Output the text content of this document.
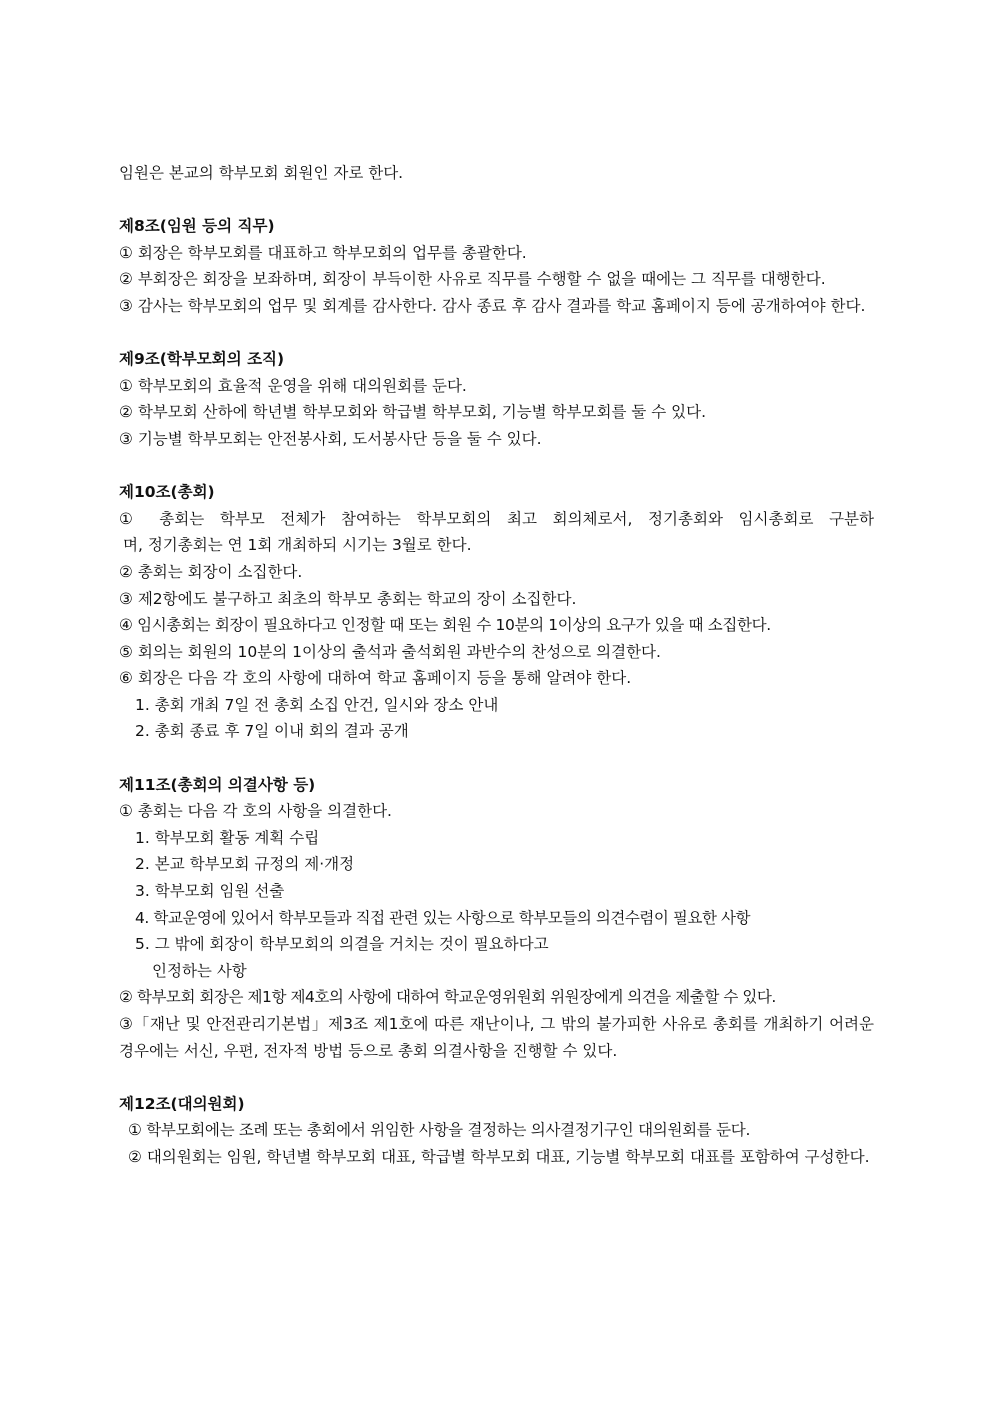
임원은 본교의 학부모회 회원인 자로 한다.
제8조(임원 등의 직무)
① 회장은 학부모회를 대표하고 학부모회의 업무를 총괄한다.
② 부회장은 회장을 보좌하며, 회장이 부득이한 사유로 직무를 수행할 수 없을 때에는 그 직무를 대행한다.
③ 감사는 학부모회의 업무 및 회계를 감사한다. 감사 종료 후 감사 결과를 학교 홈페이지 등에 공개하여야 한다.
제9조(학부모회의 조직)
① 학부모회의 효율적 운영을 위해 대의원회를 둔다.
② 학부모회 산하에 학년별 학부모회와 학급별 학부모회, 기능별 학부모회를 둘 수 있다.
③ 기능별 학부모회는 안전봉사회, 도서봉사단 등을 둘 수 있다.
제10조(총회)
① 총회는 학부모 전체가 참여하는 학부모회의 최고 회의체로서, 정기총회와 임시총회로 구분하
며, 정기총회는 연 1회 개최하되 시기는 3월로 한다.
② 총회는 회장이 소집한다.
③ 제2항에도 불구하고 최초의 학부모 총회는 학교의 장이 소집한다.
④ 임시총회는 회장이 필요하다고 인정할 때 또는 회원 수 10분의 1이상의 요구가 있을 때 소집한다.
⑤ 회의는 회원의 10분의 1이상의 출석과 출석회원 과반수의 찬성으로 의결한다.
⑥ 회장은 다음 각 호의 사항에 대하여 학교 홈페이지 등을 통해 알려야 한다.
1. 총회 개최 7일 전 총회 소집 안건, 일시와 장소 안내
2. 총회 종료 후 7일 이내 회의 결과 공개
제11조(총회의 의결사항 등)
① 총회는 다음 각 호의 사항을 의결한다.
1. 학부모회 활동 계획 수립
2. 본교 학부모회 규정의 제·개정
3. 학부모회 임원 선출
4. 학교운영에 있어서 학부모들과 직접 관련 있는 사항으로 학부모들의 의견수렴이 필요한 사항
5. 그 밖에 회장이 학부모회의 의결을 거치는 것이 필요하다고
인정하는 사항
② 학부모회 회장은 제1항 제4호의 사항에 대하여 학교운영위원회 위원장에게 의견을 제출할 수 있다.
③「재난 및 안전관리기본법」제3조 제1호에 따른 재난이나, 그 밖의 불가피한 사유로 총회를 개최하기 어려운 경우에는 서신, 우편, 전자적 방법 등으로 총회 의결사항을 진행할 수 있다.
제12조(대의원회)
① 학부모회에는 조례 또는 총회에서 위임한 사항을 결정하는 의사결정기구인 대의원회를 둔다.
② 대의원회는 임원, 학년별 학부모회 대표, 학급별 학부모회 대표, 기능별 학부모회 대표를 포함하여 구성한다.
